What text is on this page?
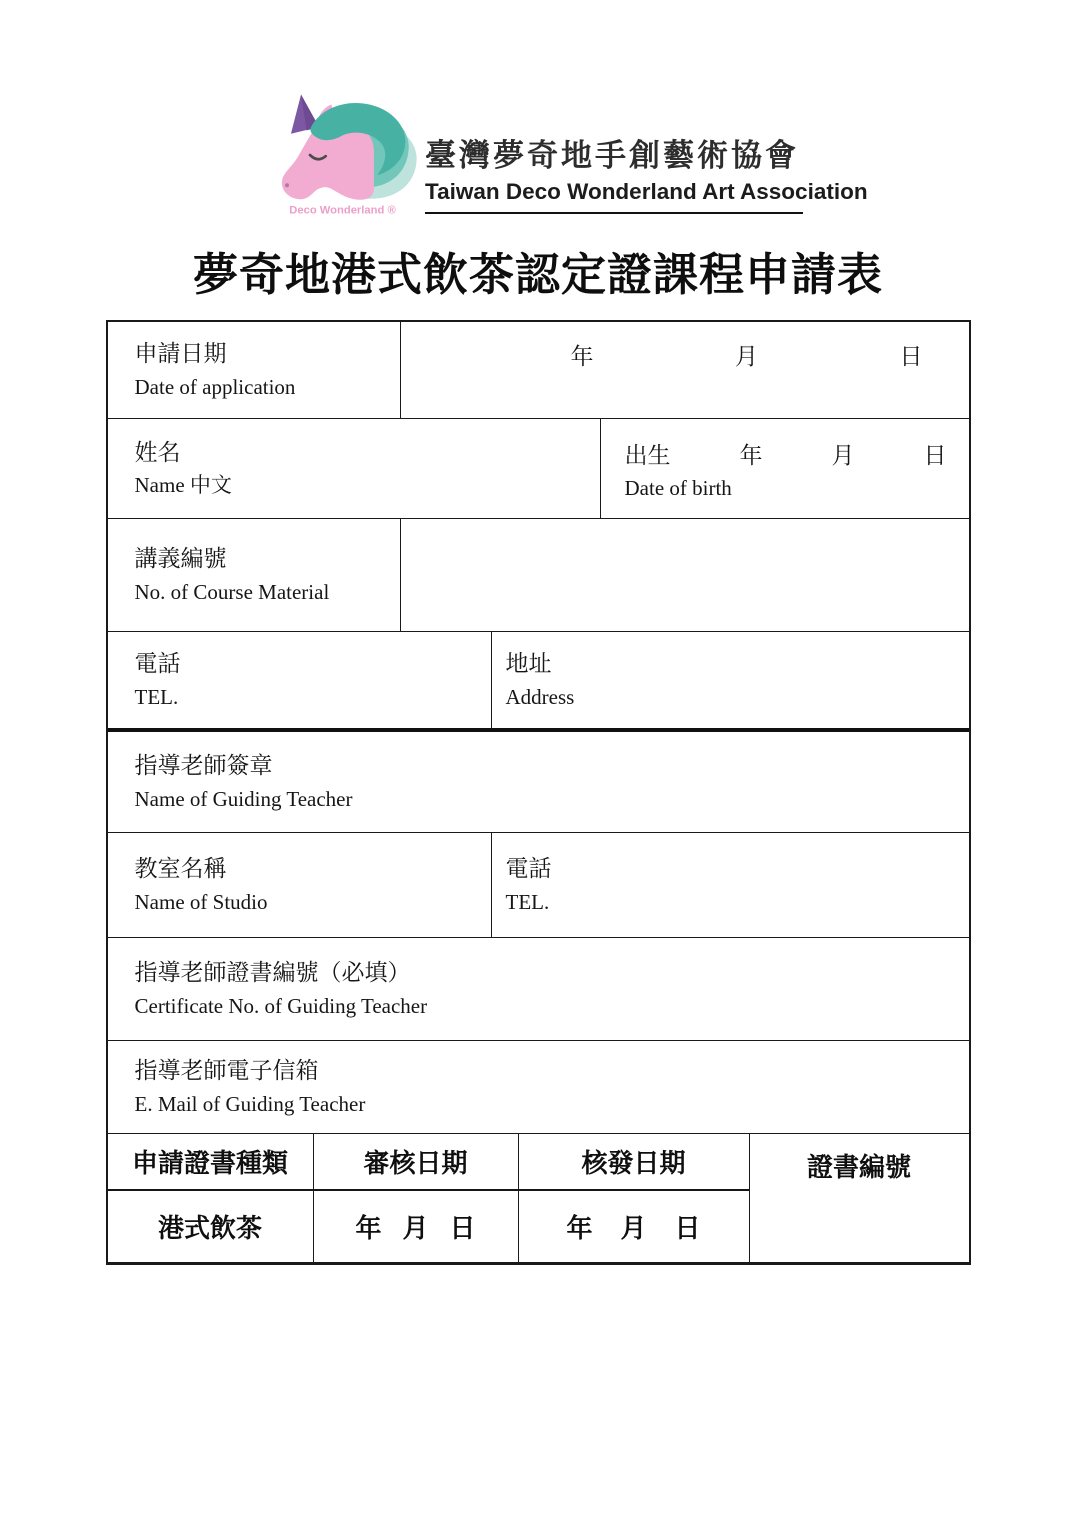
Deco Wonderland ®
臺灣夢奇地手創藝術協會
Taiwan Deco Wonderland Art Association
夢奇地港式飲茶認定證課程申請表
申請日期
Date of application
年	月	日
姓名
Name 中文
出生	年	月	日
Date of birth
講義編號
No. of Course Material
電話
TEL.
地址
Address
指導老師簽章
Name of Guiding Teacher
教室名稱
Name of Studio
電話
TEL.
指導老師證書編號（必填）
Certificate No. of Guiding Teacher
指導老師電子信箱
E. Mail of Guiding Teacher
申請證書種類	審核日期	核發日期	證書編號
港式飲茶	年 月 日	年 月 日
